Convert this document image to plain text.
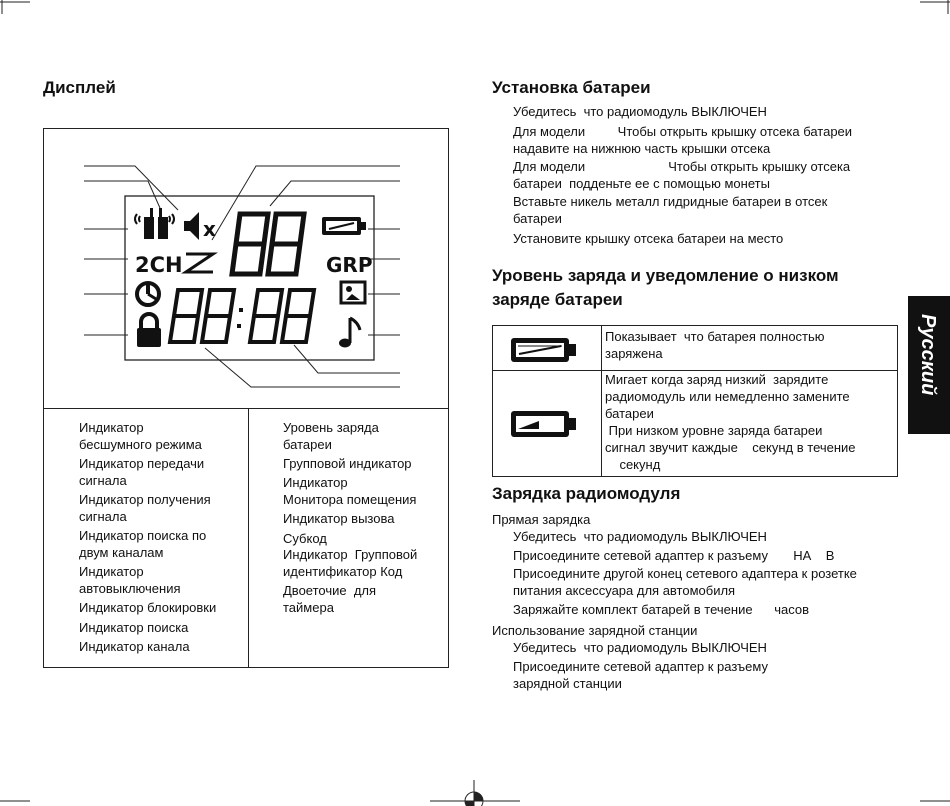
Дисплей
x
2CH	GRP
Индикатор
бесшумного режима
Индикатор передачи
сигнала
Индикатор получения
сигнала
Индикатор поиска по
двум каналам
Индикатор
автовыключения
Индикатор блокировки
Индикатор поиска
Индикатор канала
Уровень заряда
батареи
Групповой индикатор
Индикатор
Монитора помещения
Индикатор вызова
Субкод
Индикатор  Групповой
идентификатор Код
Двоеточие  для
таймера
Установка батареи
Убедитесь  что радиомодуль ВЫКЛЮЧЕН
Для модели         Чтобы открыть крышку отсека батареи
надавите на нижнюю часть крышки отсека
Для модели                       Чтобы открыть крышку отсека
батареи  подденьте ее с помощью монеты
Вставьте никель металл гидридные батареи в отсек
батареи
Установите крышку отсека батареи на место
Уровень заряда и уведомление о низком
заряде батареи
Показывает  что батарея полностью
заряжена
Мигает когда заряд низкий  зарядите
радиомодуль или немедленно замените
батареи
При низком уровне заряда батареи
сигнал звучит каждые    секунд в течение
секунд
Зарядка радиомодуля
Прямая зарядка
Убедитесь  что радиомодуль ВЫКЛЮЧЕН
Присоедините сетевой адаптер к разъему       НА    В
Присоедините другой конец сетевого адаптера к розетке
питания аксессуара для автомобиля
Заряжайте комплект батарей в течение      часов
Использование зарядной станции
Убедитесь  что радиомодуль ВЫКЛЮЧЕН
Присоедините сетевой адаптер к разъему
зарядной станции
Русский
